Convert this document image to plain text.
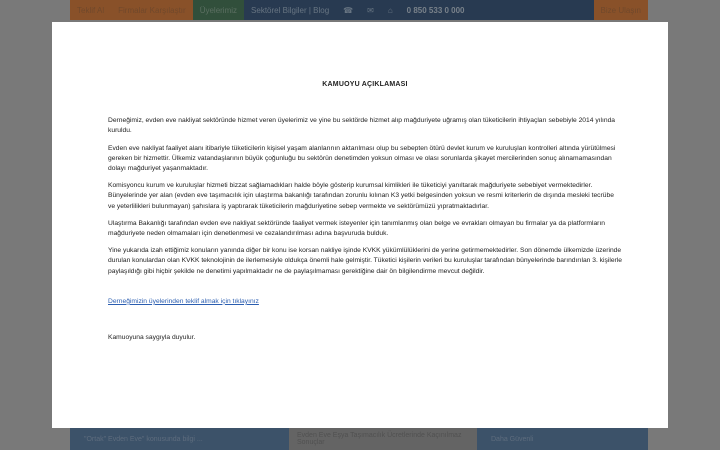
Teklif Al	Firmalar Karşılaştır	Üyelerimiz	Sektörel Bilgiler | Blog	☎	✉	⌂	0 850 533 0 000	Bize Ulaşın
"Ortak" Evden Eve" konusunda bilgi ...	Evden Eve Eşya Taşımacılık Ücretlerinde Kaçınılmaz Sonuçlar	Daha Güvenli
KAMUOYU AÇIKLAMASI

Derneğimiz, evden eve nakliyat sektöründe hizmet veren üyelerimiz ve yine bu sektörde hizmet alıp mağduriyete uğramış olan tüketicilerin ihtiyaçları sebebiyle 2014 yılında kuruldu.

Evden eve nakliyat faaliyet alanı itibariyle tüketicilerin kişisel yaşam alanlarının aktarılması olup bu sebepten ötürü devlet kurum ve kuruluşları kontrolleri altında yürütülmesi gereken bir hizmettir. Ülkemiz vatandaşlarının büyük çoğunluğu bu sektörün denetimden yoksun olması ve olası sorunlarda şikayet mercilerinden sonuç alınamamasından dolayı mağduriyet yaşanmaktadır.

Komisyoncu kurum ve kuruluşlar hizmeti bizzat sağlamadıkları halde böyle gösterip kurumsal kimlikleri ile tüketiciyi yanıltarak mağduriyete sebebiyet vermektedirler. Bünyelerinde yer alan (evden eve taşımacılık için ulaştırma bakanlığı tarafından zorunlu kılınan K3 yetki belgesinden yoksun ve resmi kriterlerin de dışında mesleki tecrübe ve yeterlilikleri bulunmayan) şahıslara iş yaptırarak tüketicilerin mağduriyetine sebep vermekte ve sektörümüzü yıpratmaktadırlar.

Ulaştırma Bakanlığı tarafından evden eve nakliyat sektöründe faaliyet vermek isteyenler için tanımlanmış olan belge ve evrakları olmayan bu firmalar ya da platformların mağduriyete neden olmamaları için denetlenmesi ve cezalandırılması adına başvuruda bulduk.

Yine yukarıda izah ettiğimiz konuların yanında diğer bir konu ise korsan nakliye işinde KVKK yükümlülüklerini de yerine getirmemektedirler. Son dönemde ülkemizde üzerinde durulan konulardan olan KVKK teknolojinin de ilerlemesiyle oldukça önemli hale gelmiştir. Tüketici kişilerin verileri bu kuruluşlar tarafından bünyelerinde barındırılan 3. kişilerle paylaşıldığı gibi hiçbir şekilde ne denetimi yapılmaktadır ne de paylaşılmaması gerektiğine dair ön bilgilendirme mevcut değildir.

Derneğimizin üyelerinden teklif almak için tıklayınız

Kamuoyuna saygıyla duyulur.
